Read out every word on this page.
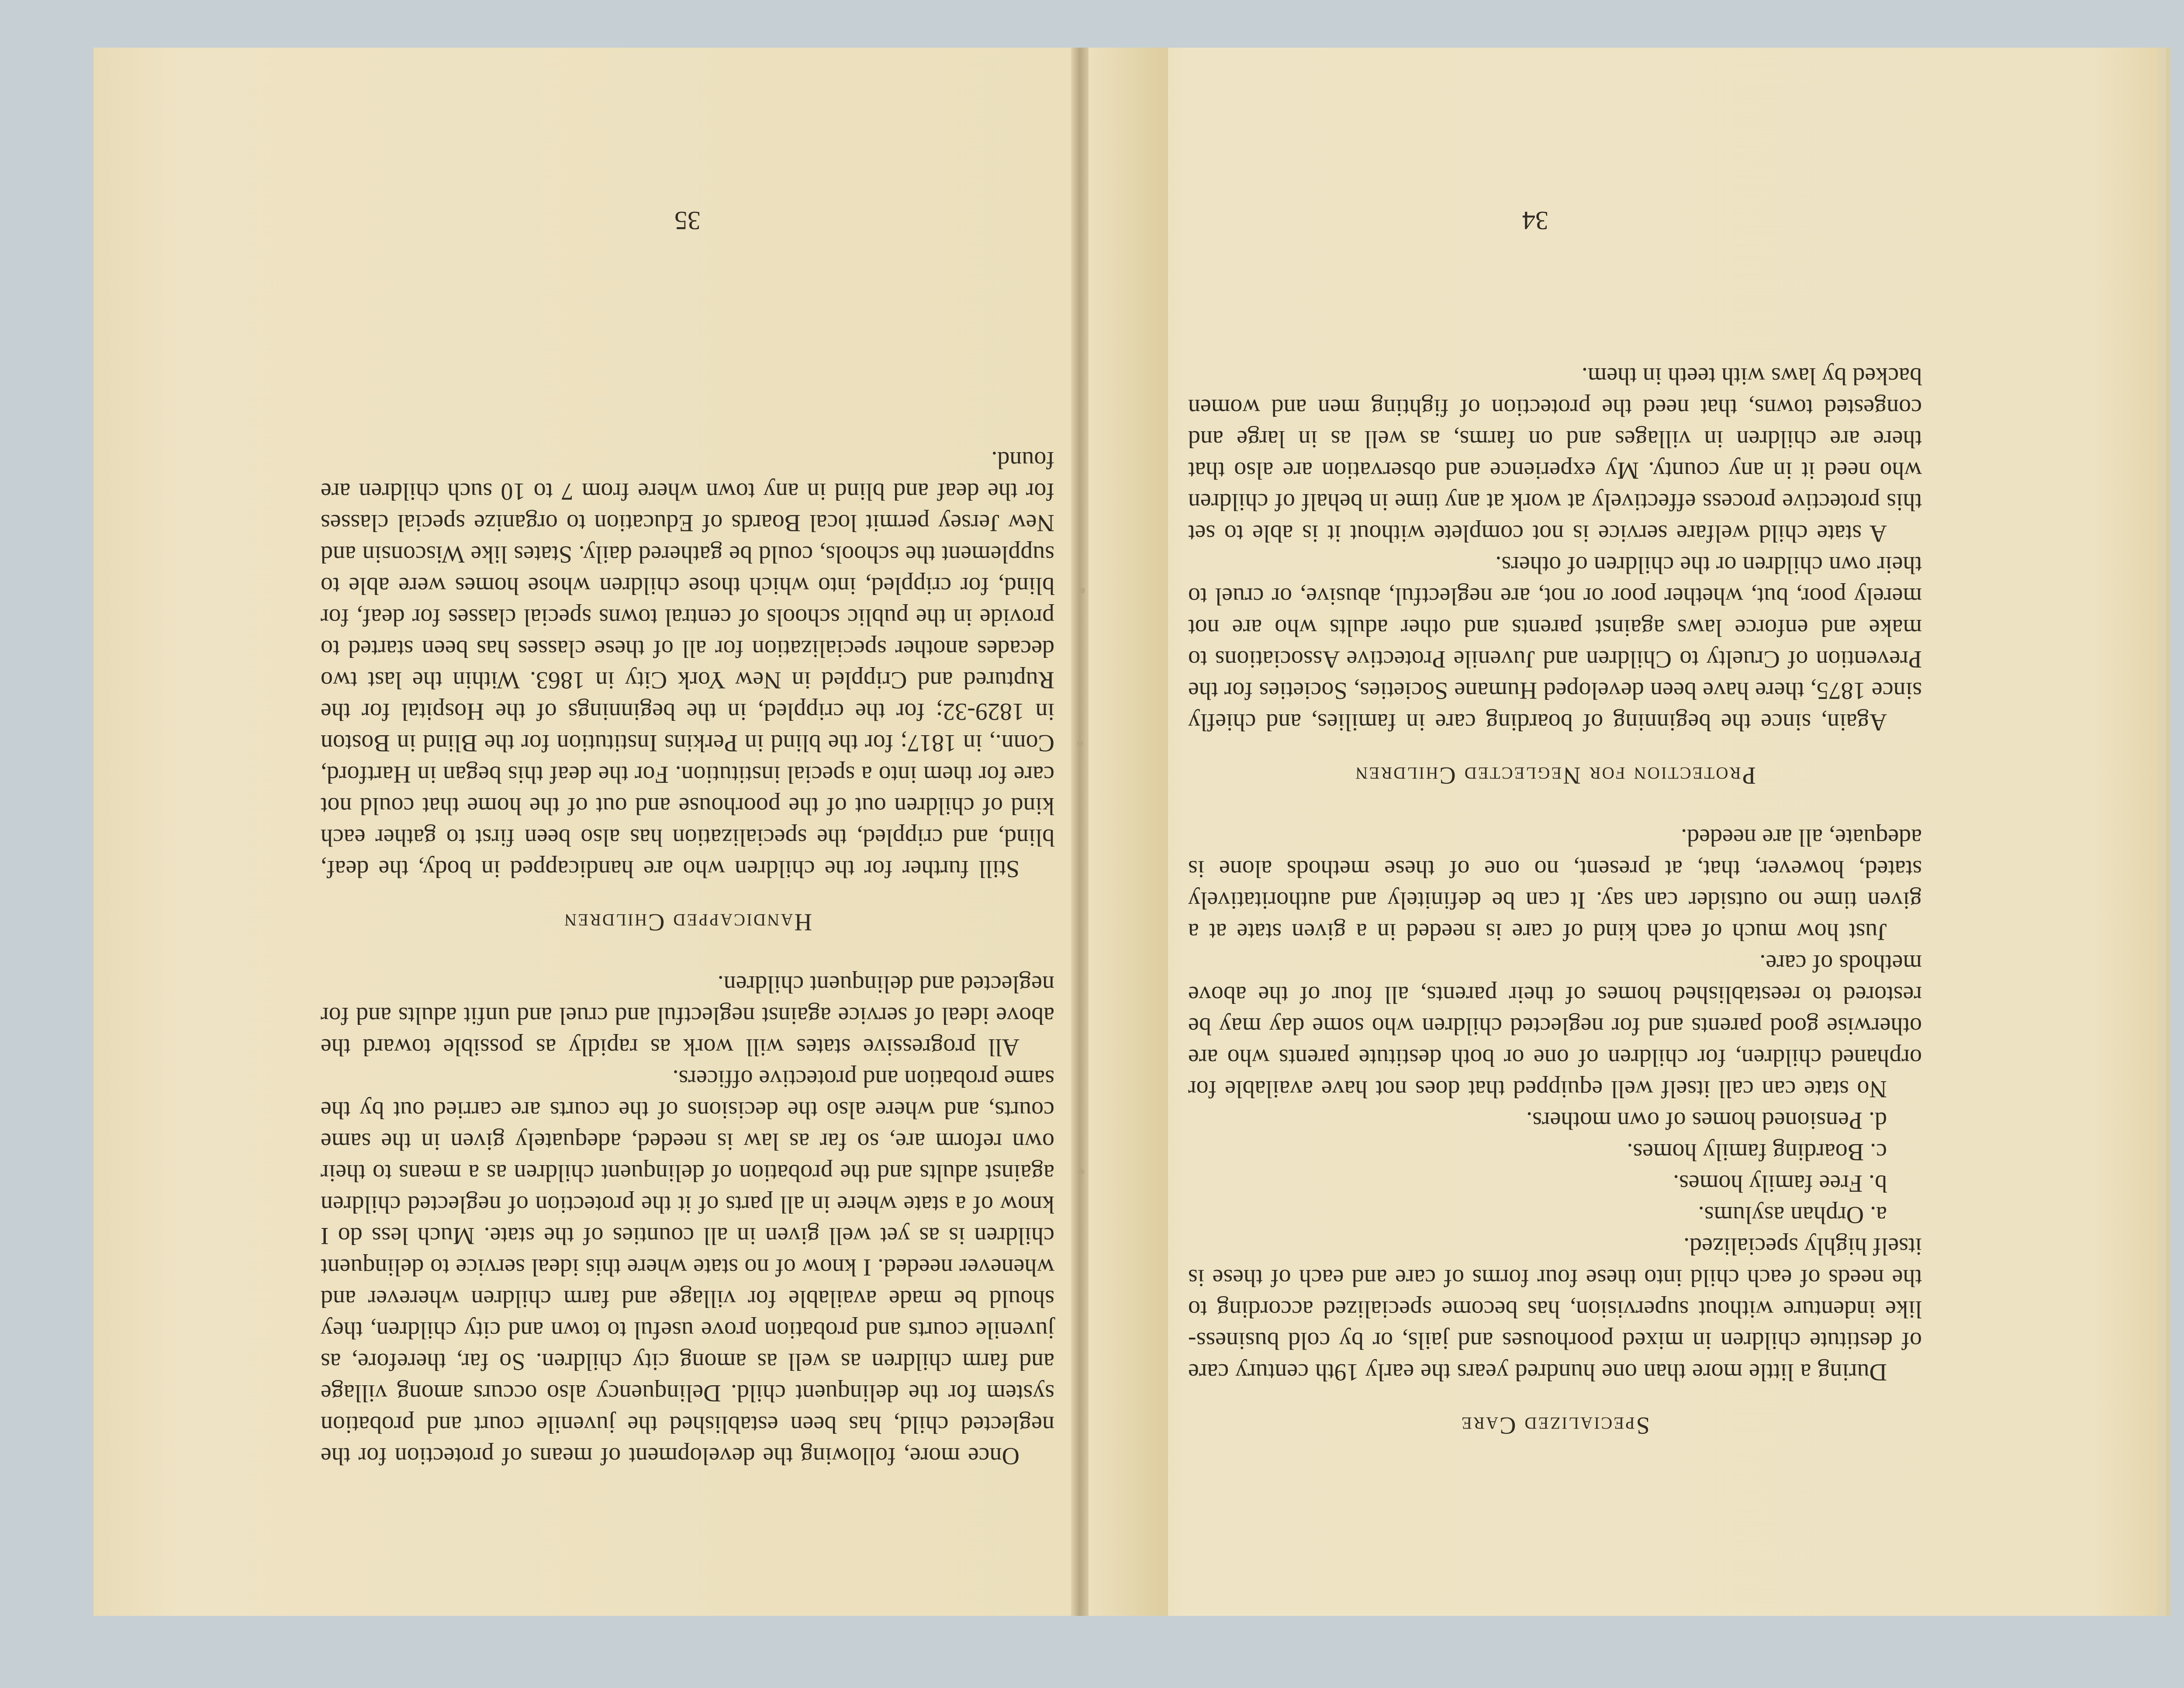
Specialized Care

During a little more than one hundred years the early 19th century care of destitute children in mixed poorhouses and jails, or by cold business-like indenture without supervision, has become specialized according to the needs of each child into these four forms of care and each of these is itself highly specialized.

a. Orphan asylums.
b. Free family homes.
c. Boarding family homes.
d. Pensioned homes of own mothers.

No state can call itself well equipped that does not have available for orphaned children, for children of one or both destitute parents who are otherwise good parents and for neglected children who some day may be restored to reestablished homes of their parents, all four of the above methods of care.

Just how much of each kind of care is needed in a given state at a given time no outsider can say. It can be definitely and authoritatively stated, however, that, at present, no one of these methods alone is adequate, all are needed.

Protection for Neglected Children

Again, since the beginning of boarding care in families, and chiefly since 1875, there have been developed Humane Societies, Societies for the Prevention of Cruelty to Children and Juvenile Protective Associations to make and enforce laws against parents and other adults who are not merely poor, but, whether poor or not, are neglectful, abusive, or cruel to their own children or the children of others.

A state child welfare service is not complete without it is able to set this protective process effectively at work at any time in behalf of children who need it in any county. My experience and observation are also that there are children in villages and on farms, as well as in large and congested towns, that need the protection of fighting men and women backed by laws with teeth in them.

34

Once more, following the development of means of protection for the neglected child, has been established the juvenile court and probation system for the delinquent child. Delinquency also occurs among village and farm children as well as among city children. So far, therefore, as juvenile courts and probation prove useful to town and city children, they should be made available for village and farm children wherever and whenever needed. I know of no state where this ideal service to delinquent children is as yet well given in all counties of the state. Much less do I know of a state where in all parts of it the protection of neglected children against adults and the probation of delinquent children as a means to their own reform are, so far as law is needed, adequately given in the same courts, and where also the decisions of the courts are carried out by the same probation and protective officers.

All progressive states will work as rapidly as possible toward the above ideal of service against neglectful and cruel and unfit adults and for neglected and delinquent children.

Handicapped Children

Still further for the children who are handicapped in body, the deaf, blind, and crippled, the specialization has also been first to gather each kind of children out of the poorhouse and out of the home that could not care for them into a special institution. For the deaf this began in Hartford, Conn., in 1817; for the blind in Perkins Institution for the Blind in Boston in 1829-32; for the crippled, in the beginnings of the Hospital for the Ruptured and Crippled in New York City in 1863. Within the last two decades another specialization for all of these classes has been started to provide in the public schools of central towns special classes for deaf, for blind, for crippled, into which those children whose homes were able to supplement the schools, could be gathered daily. States like Wisconsin and New Jersey permit local Boards of Education to organize special classes for the deaf and blind in any town where from 7 to 10 such children are found.

35
